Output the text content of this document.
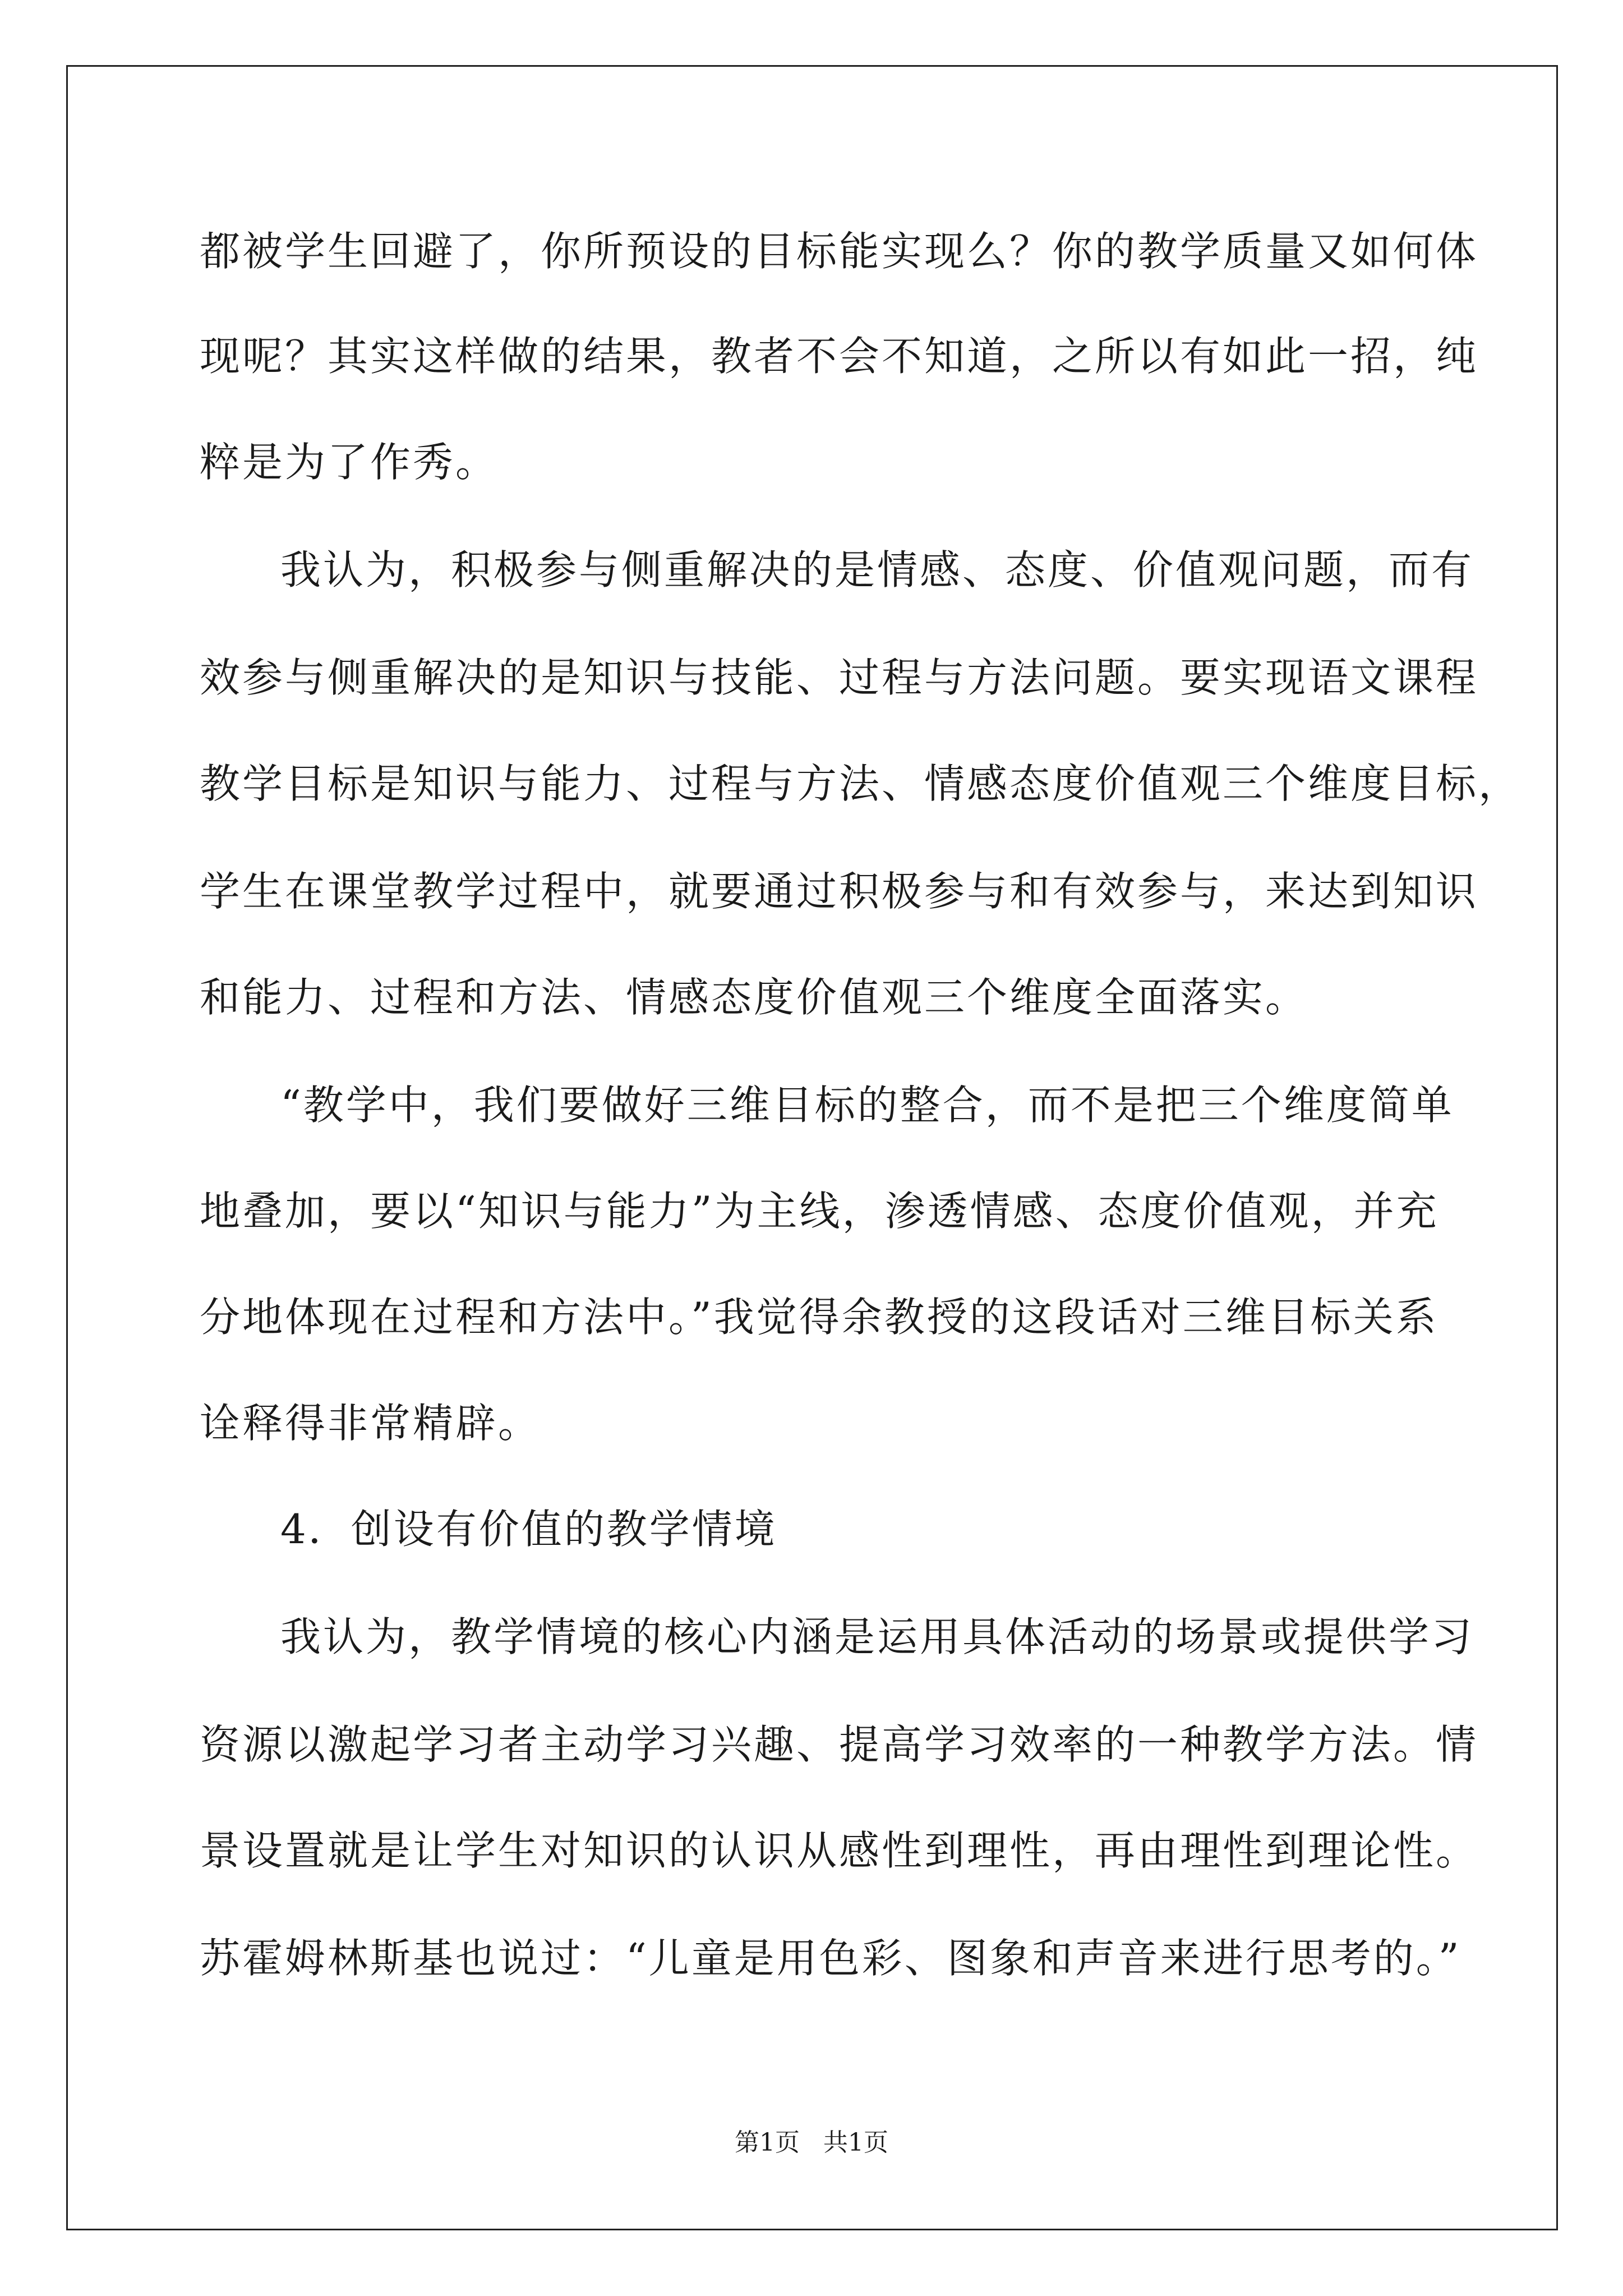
都被学生回避了，你所预设的目标能实现么？你的教学质量又如何体
现呢？其实这样做的结果，教者不会不知道，之所以有如此一招，纯
粹是为了作秀。
我认为，积极参与侧重解决的是情感、态度、价值观问题，而有
效参与侧重解决的是知识与技能、过程与方法问题。要实现语文课程
教学目标是知识与能力、过程与方法、情感态度价值观三个维度目标，
学生在课堂教学过程中，就要通过积极参与和有效参与，来达到知识
和能力、过程和方法、情感态度价值观三个维度全面落实。
“教学中，我们要做好三维目标的整合，而不是把三个维度简单
地叠加，要以“知识与能力”为主线，渗透情感、态度价值观，并充
分地体现在过程和方法中。”我觉得余教授的这段话对三维目标关系
诠释得非常精辟。
4．创设有价值的教学情境
我认为，教学情境的核心内涵是运用具体活动的场景或提供学习
资源以激起学习者主动学习兴趣、提高学习效率的一种教学方法。情
景设置就是让学生对知识的认识从感性到理性，再由理性到理论性。
苏霍姆林斯基也说过：“儿童是用色彩、图象和声音来进行思考的。”
第1页   共1页
